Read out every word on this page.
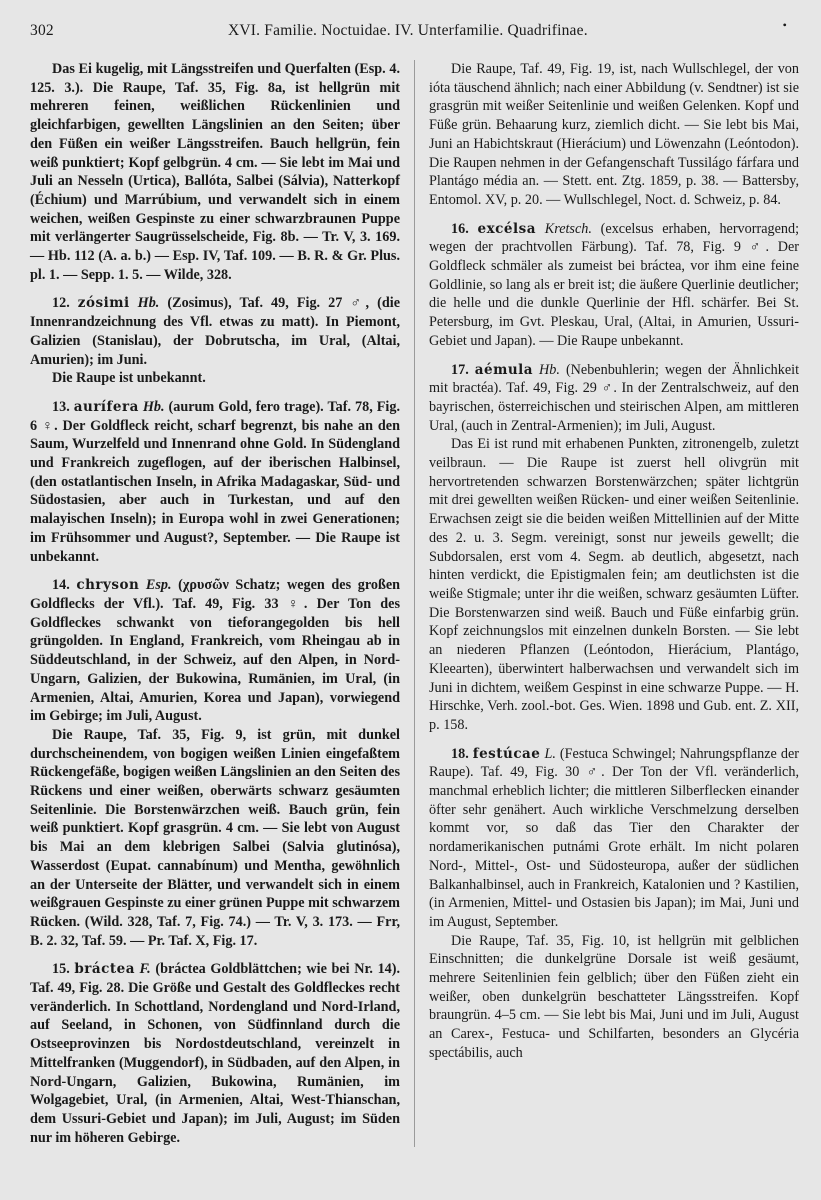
302	XVI. Familie. Noctuidae. IV. Unterfamilie. Quadrifinae.	•

Das Ei kugelig, mit Längsstreifen und Querfalten (Esp. 4. 125. 3.). Die Raupe, Taf. 35, Fig. 8a, ist hellgrün mit mehreren feinen, weißlichen Rückenlinien und gleichfarbigen, gewellten Längslinien an den Seiten; über den Füßen ein weißer Längsstreifen. Bauch hellgrün, fein weiß punktiert; Kopf gelbgrün. 4 cm. — Sie lebt im Mai und Juli an Nesseln (Urtica), Ballóta, Salbei (Sálvia), Natterkopf (Échium) und Marrúbium, und verwandelt sich in einem weichen, weißen Gespinste zu einer schwarzbraunen Puppe mit verlängerter Saugrüsselscheide, Fig. 8b. — Tr. V, 3. 169. — Hb. 112 (A. a. b.) — Esp. IV, Taf. 109. — B. R. & Gr. Plus. pl. 1. — Sepp. 1. 5. — Wilde, 328.

12. zósimi Hb. (Zosimus), Taf. 49, Fig. 27 ♂, (die Innenrandzeichnung des Vfl. etwas zu matt). In Piemont, Galizien (Stanislau), der Dobrutscha, im Ural, (Altai, Amurien); im Juni.

Die Raupe ist unbekannt.

13. aurífera Hb. (aurum Gold, fero trage). Taf. 78, Fig. 6 ♀. Der Goldfleck reicht, scharf begrenzt, bis nahe an den Saum, Wurzelfeld und Innenrand ohne Gold. In Südengland und Frankreich zugeflogen, auf der iberischen Halbinsel, (den ostatlantischen Inseln, in Afrika Madagaskar, Süd- und Südostasien, aber auch in Turkestan, und auf den malayischen Inseln); in Europa wohl in zwei Generationen; im Frühsommer und August?, September. — Die Raupe ist unbekannt.

14. chryson Esp. (χρυσῶν Schatz; wegen des großen Goldflecks der Vfl.). Taf. 49, Fig. 33 ♀. Der Ton des Goldfleckes schwankt von tieforangegolden bis hell grüngolden. In England, Frankreich, vom Rheingau ab in Süddeutschland, in der Schweiz, auf den Alpen, in Nord-Ungarn, Galizien, der Bukowina, Rumänien, im Ural, (in Armenien, Altai, Amurien, Korea und Japan), vorwiegend im Gebirge; im Juli, August.

Die Raupe, Taf. 35, Fig. 9, ist grün, mit dunkel durchscheinendem, von bogigen weißen Linien eingefaßtem Rückengefäße, bogigen weißen Längslinien an den Seiten des Rückens und einer weißen, oberwärts schwarz gesäumten Seitenlinie. Die Borstenwärzchen weiß. Bauch grün, fein weiß punktiert. Kopf grasgrün. 4 cm. — Sie lebt von August bis Mai an dem klebrigen Salbei (Salvia glutinósa), Wasserdost (Eupat. cannabínum) und Mentha, gewöhnlich an der Unterseite der Blätter, und verwandelt sich in einem weißgrauen Gespinste zu einer grünen Puppe mit schwarzem Rücken. (Wild. 328, Taf. 7, Fig. 74.) — Tr. V, 3. 173. — Frr, B. 2. 32, Taf. 59. — Pr. Taf. X, Fig. 17.

15. bráctea F. (bráctea Goldblättchen; wie bei Nr. 14). Taf. 49, Fig. 28. Die Größe und Gestalt des Goldfleckes recht veränderlich. In Schottland, Nordengland und Nord-Irland, auf Seeland, in Schonen, von Südfinnland durch die Ostseeprovinzen bis Nordostdeutschland, vereinzelt in Mittelfranken (Muggendorf), in Südbaden, auf den Alpen, in Nord-Ungarn, Galizien, Bukowina, Rumänien, im Wolgagebiet, Ural, (in Armenien, Altai, West-Thianschan, dem Ussuri-Gebiet und Japan); im Juli, August; im Süden nur im höheren Gebirge.

Die Raupe, Taf. 49, Fig. 19, ist, nach Wullschlegel, der von ióta täuschend ähnlich; nach einer Abbildung (v. Sendtner) ist sie grasgrün mit weißer Seitenlinie und weißen Gelenken. Kopf und Füße grün. Behaarung kurz, ziemlich dicht. — Sie lebt bis Mai, Juni an Habichtskraut (Hierácium) und Löwenzahn (Leóntodon). Die Raupen nehmen in der Gefangenschaft Tussilágo fárfara und Plantágo média an. — Stett. ent. Ztg. 1859, p. 38. — Battersby, Entomol. XV, p. 20. — Wullschlegel, Noct. d. Schweiz, p. 84.

16. excélsa Kretsch. (excelsus erhaben, hervorragend; wegen der prachtvollen Färbung). Taf. 78, Fig. 9 ♂. Der Goldfleck schmäler als zumeist bei bráctea, vor ihm eine feine Goldlinie, so lang als er breit ist; die äußere Querlinie deutlicher; die helle und die dunkle Querlinie der Hfl. schärfer. Bei St. Petersburg, im Gvt. Pleskau, Ural, (Altai, in Amurien, Ussuri-Gebiet und Japan). — Die Raupe unbekannt.

17. aémula Hb. (Nebenbuhlerin; wegen der Ähnlichkeit mit bractéa). Taf. 49, Fig. 29 ♂. In der Zentralschweiz, auf den bayrischen, österreichischen und steirischen Alpen, am mittleren Ural, (auch in Zentral-Armenien); im Juli, August.

Das Ei ist rund mit erhabenen Punkten, zitronengelb, zuletzt veilbraun. — Die Raupe ist zuerst hell olivgrün mit hervortretenden schwarzen Borstenwärzchen; später lichtgrün mit drei gewellten weißen Rücken- und einer weißen Seitenlinie. Erwachsen zeigt sie die beiden weißen Mittellinien auf der Mitte des 2. u. 3. Segm. vereinigt, sonst nur jeweils gewellt; die Subdorsalen, erst vom 4. Segm. ab deutlich, abgesetzt, nach hinten verdickt, die Epistigmalen fein; am deutlichsten ist die weiße Stigmale; unter ihr die weißen, schwarz gesäumten Lüfter. Die Borstenwarzen sind weiß. Bauch und Füße einfarbig grün. Kopf zeichnungslos mit einzelnen dunkeln Borsten. — Sie lebt an niederen Pflanzen (Leóntodon, Hierácium, Plantágo, Kleearten), überwintert halberwachsen und verwandelt sich im Juni in dichtem, weißem Gespinst in eine schwarze Puppe. — H. Hirschke, Verh. zool.-bot. Ges. Wien. 1898 und Gub. ent. Z. XII, p. 158.

18. festúcae L. (Festuca Schwingel; Nahrungspflanze der Raupe). Taf. 49, Fig. 30 ♂. Der Ton der Vfl. veränderlich, manchmal erheblich lichter; die mittleren Silberflecken einander öfter sehr genähert. Auch wirkliche Verschmelzung derselben kommt vor, so daß das Tier den Charakter der nordamerikanischen putnámi Grote erhält. Im nicht polaren Nord-, Mittel-, Ost- und Südosteuropa, außer der südlichen Balkanhalbinsel, auch in Frankreich, Katalonien und ? Kastilien, (in Armenien, Mittel- und Ostasien bis Japan); im Mai, Juni und im August, September.

Die Raupe, Taf. 35, Fig. 10, ist hellgrün mit gelblichen Einschnitten; die dunkelgrüne Dorsale ist weiß gesäumt, mehrere Seitenlinien fein gelblich; über den Füßen zieht ein weißer, oben dunkelgrün beschatteter Längsstreifen. Kopf braungrün. 4–5 cm. — Sie lebt bis Mai, Juni und im Juli, August an Carex-, Festuca- und Schilfarten, besonders an Glycéria spectábilis, auch
